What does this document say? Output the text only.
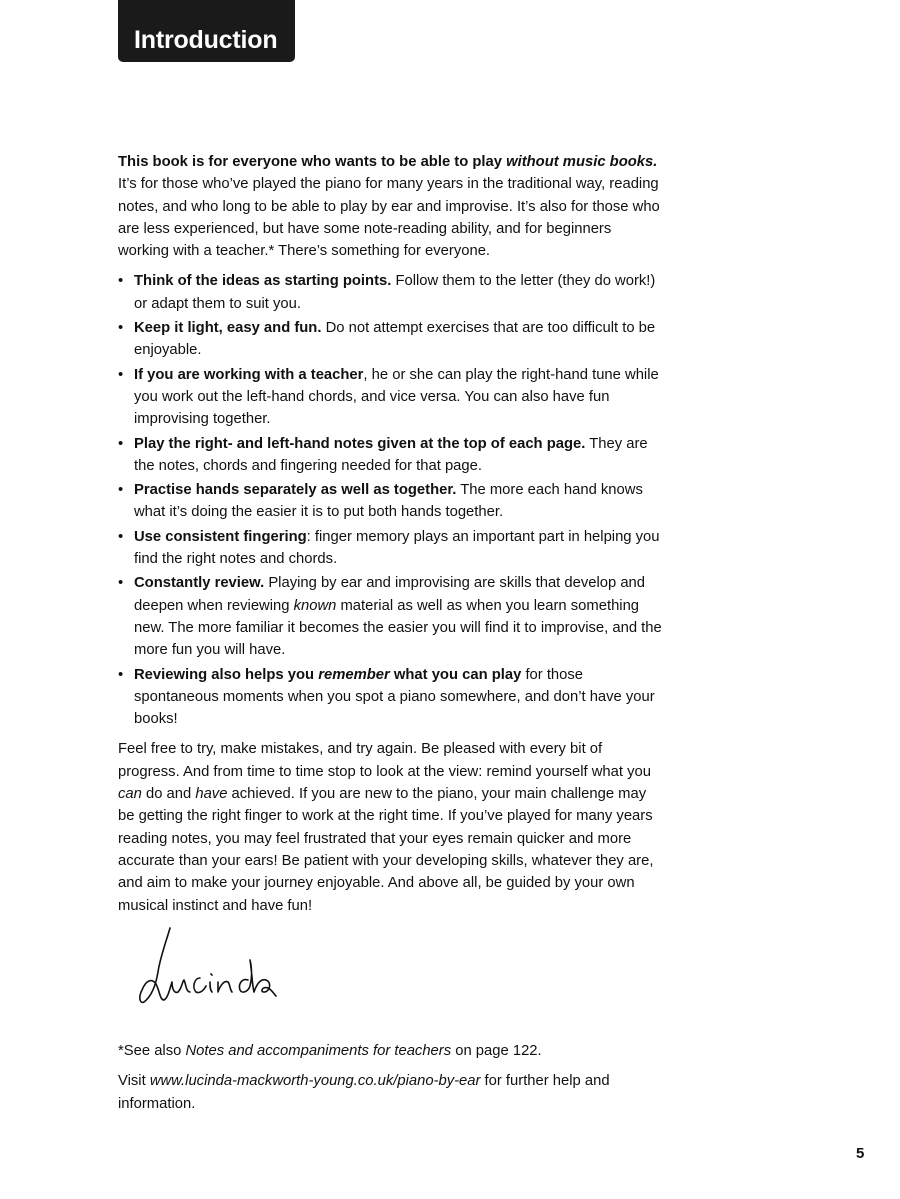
Introduction

This book is for everyone who wants to be able to play without music books. It’s for those who’ve played the piano for many years in the traditional way, reading notes, and who long to be able to play by ear and improvise. It’s also for those who are less experienced, but have some note-reading ability, and for beginners working with a teacher.* There’s something for everyone.

• Think of the ideas as starting points. Follow them to the letter (they do work!) or adapt them to suit you.
• Keep it light, easy and fun. Do not attempt exercises that are too difficult to be enjoyable.
• If you are working with a teacher, he or she can play the right-hand tune while you work out the left-hand chords, and vice versa. You can also have fun improvising together.
• Play the right- and left-hand notes given at the top of each page. They are the notes, chords and fingering needed for that page.
• Practise hands separately as well as together. The more each hand knows what it’s doing the easier it is to put both hands together.
• Use consistent fingering: finger memory plays an important part in helping you find the right notes and chords.
• Constantly review. Playing by ear and improvising are skills that develop and deepen when reviewing known material as well as when you learn something new. The more familiar it becomes the easier you will find it to improvise, and the more fun you will have.
• Reviewing also helps you remember what you can play for those spontaneous moments when you spot a piano somewhere, and don’t have your books!

Feel free to try, make mistakes, and try again. Be pleased with every bit of progress. And from time to time stop to look at the view: remind yourself what you can do and have achieved. If you are new to the piano, your main challenge may be getting the right finger to work at the right time. If you’ve played for many years reading notes, you may feel frustrated that your eyes remain quicker and more accurate than your ears! Be patient with your developing skills, whatever they are, and aim to make your journey enjoyable. And above all, be guided by your own musical instinct and have fun!

*See also Notes and accompaniments for teachers on page 122.

Visit www.lucinda-mackworth-young.co.uk/piano-by-ear for further help and information.

5
